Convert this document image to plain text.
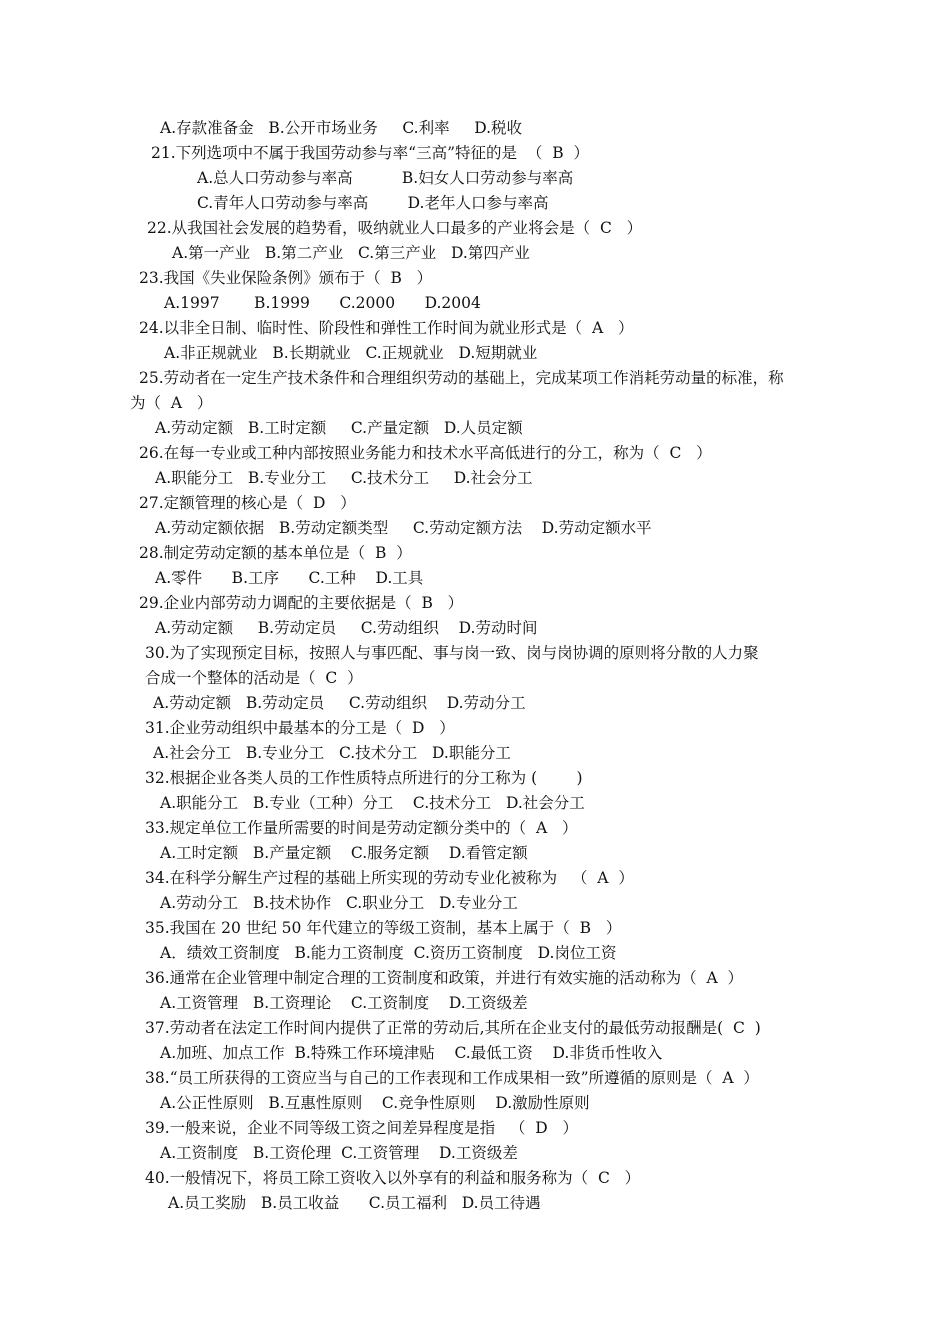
A.存款准备金   B.公开市场业务     C.利率     D.税收
21.下列选项中不属于我国劳动参与率“三高”特征的是  （  B  ）
A.总人口劳动参与率高          B.妇女人口劳动参与率高
C.青年人口劳动参与率高        D.老年人口参与率高
22.从我国社会发展的趋势看，吸纳就业人口最多的产业将会是（  C   ）
A.第一产业   B.第二产业   C.第三产业   D.第四产业
23.我国《失业保险条例》颁布于（  B   ）
A.1997       B.1999      C.2000      D.2004
24.以非全日制、临时性、阶段性和弹性工作时间为就业形式是（  A   ）
A.非正规就业   B.长期就业   C.正规就业   D.短期就业
25.劳动者在一定生产技术条件和合理组织劳动的基础上，完成某项工作消耗劳动量的标准，称
为（  A   ）
A.劳动定额   B.工时定额     C.产量定额   D.人员定额
26.在每一专业或工种内部按照业务能力和技术水平高低进行的分工，称为（  C   ）
A.职能分工   B.专业分工     C.技术分工     D.社会分工
27.定额管理的核心是（  D   ）
A.劳动定额依据   B.劳动定额类型     C.劳动定额方法    D.劳动定额水平
28.制定劳动定额的基本单位是（  B  ）
A.零件      B.工序      C.工种    D.工具
29.企业内部劳动力调配的主要依据是（  B   ）
A.劳动定额     B.劳动定员     C.劳动组织    D.劳动时间
30.为了实现预定目标，按照人与事匹配、事与岗一致、岗与岗协调的原则将分散的人力聚
合成一个整体的活动是（  C  ）
A.劳动定额   B.劳动定员     C.劳动组织    D.劳动分工
31.企业劳动组织中最基本的分工是（  D   ）
A.社会分工   B.专业分工   C.技术分工   D.职能分工
32.根据企业各类人员的工作性质特点所进行的分工称为 (        )
A.职能分工   B.专业（工种）分工    C.技术分工   D.社会分工
33.规定单位工作量所需要的时间是劳动定额分类中的（  A   ）
A.工时定额   B.产量定额    C.服务定额    D.看管定额
34.在科学分解生产过程的基础上所实现的劳动专业化被称为   （  A  ）
A.劳动分工   B.技术协作   C.职业分工   D.专业分工
35.我国在 20 世纪 50 年代建立的等级工资制，基本上属于（  B   ）
A．绩效工资制度   B.能力工资制度  C.资历工资制度   D.岗位工资
36.通常在企业管理中制定合理的工资制度和政策，并进行有效实施的活动称为（  A  ）
A.工资管理   B.工资理论    C.工资制度    D.工资级差
37.劳动者在法定工作时间内提供了正常的劳动后,其所在企业支付的最低劳动报酬是(  C  )
A.加班、加点工作  B.特殊工作环境津贴    C.最低工资    D.非货币性收入
38.“员工所获得的工资应当与自己的工作表现和工作成果相一致”所遵循的原则是（  A  ）
A.公正性原则   B.互惠性原则    C.竞争性原则    D.激励性原则
39.一般来说，企业不同等级工资之间差异程度是指   （  D   ）
A.工资制度   B.工资伦理  C.工资管理    D.工资级差
40.一般情况下，将员工除工资收入以外享有的利益和服务称为（  C   ）
A.员工奖励   B.员工收益      C.员工福利   D.员工待遇
